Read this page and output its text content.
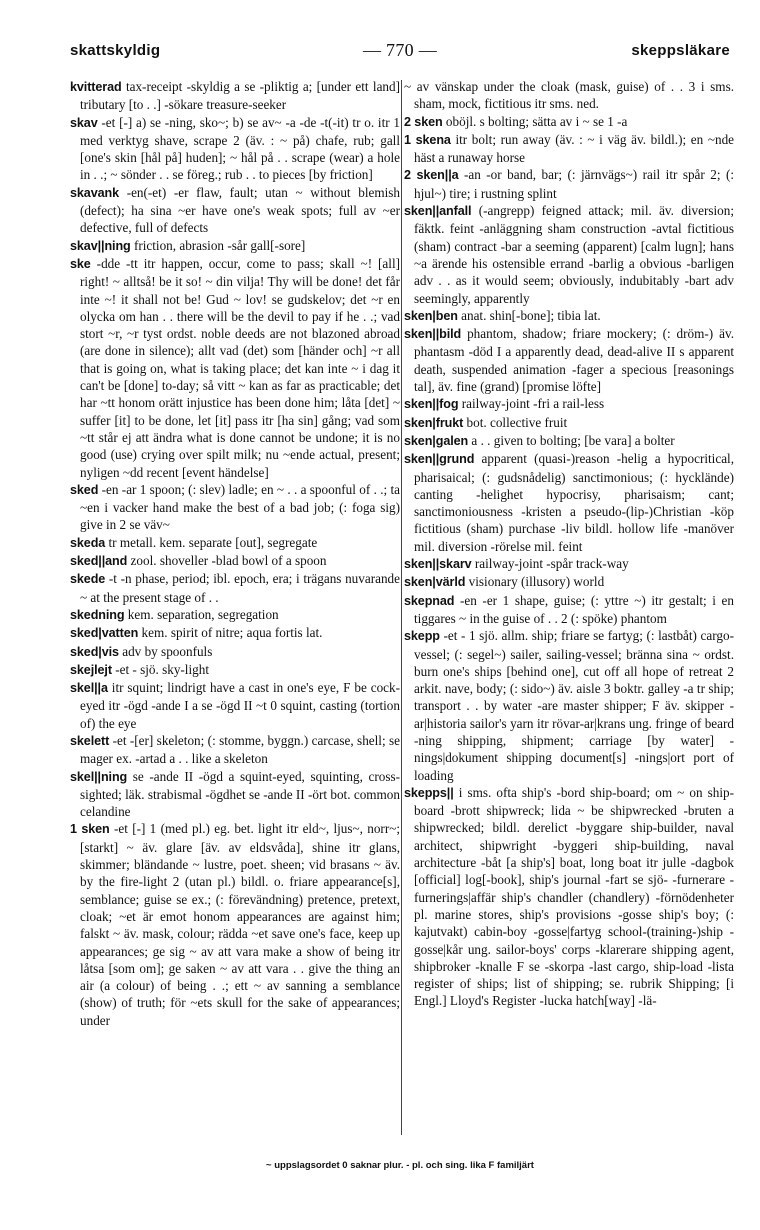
skattskyldig	— 770 —	skeppsläkare

kvitterad tax-receipt -skyldig a se -pliktig a; [under ett land] tributary [to . .] -sökare treasure-seeker

skav -et [-] a) se -ning, sko~; b) se av~ -a -de -t(-it) tr o. itr 1 med verktyg shave, scrape 2 (äv. : ~ på) chafe, rub; gall [one's skin [hål på] huden]; ~ hål på . . scrape (wear) a hole in . .; ~ sönder . . se föreg.; rub . . to pieces [by friction]

skavank -en(-et) -er flaw, fault; utan ~ without blemish (defect); ha sina ~er have one's weak spots; full av ~er defective, full of defects

skav||ning friction, abrasion -sår gall[-sore]

ske -dde -tt itr happen, occur, come to pass; skall ~! [all] right! ~ alltså! be it so! ~ din vilja! Thy will be done! det får inte ~! it shall not be! Gud ~ lov! se gudskelov; det ~r en olycka om han . . there will be the devil to pay if he . .; vad stort ~r, ~r tyst ordst. noble deeds are not blazoned abroad (are done in silence); allt vad (det) som [händer och] ~r all that is going on, what is taking place; det kan inte ~ i dag it can't be [done] to-day; så vitt ~ kan as far as practicable; det har ~tt honom orätt injustice has been done him; låta [det] ~ suffer [it] to be done, let [it] pass itr [ha sin] gång; vad som ~tt står ej att ändra what is done cannot be undone; it is no good (use) crying over spilt milk; nu ~ende actual, present; nyligen ~dd recent [event händelse]

sked -en -ar 1 spoon; (: slev) ladle; en ~ . . a spoonful of . .; ta ~en i vacker hand make the best of a bad job; (: foga sig) give in 2 se väv~

skeda tr metall. kem. separate [out], segregate

sked||and zool. shoveller -blad bowl of a spoon

skede -t -n phase, period; ibl. epoch, era; i trägans nuvarande ~ at the present stage of . .

skedning kem. separation, segregation

sked|vatten kem. spirit of nitre; aqua fortis lat.

sked|vis adv by spoonfuls

skejlejt -et - sjö. sky-light

skel||a itr squint; lindrigt have a cast in one's eye, F be cock-eyed itr -ögd -ande I a se -ögd II ~t 0 squint, casting (tortion of) the eye

skelett -et -[er] skeleton; (: stomme, byggn.) carcase, shell; se mager ex. -artad a . . like a skeleton

skel||ning se -ande II -ögd a squint-eyed, squinting, cross-sighted; läk. strabismal -ögdhet se -ande II -ört bot. common celandine

1 sken -et [-] 1 (med pl.) eg. bet. light itr eld~, ljus~, norr~; [starkt] ~ äv. glare [äv. av eldsvåda], shine itr glans, skimmer; bländande ~ lustre, poet. sheen; vid brasans ~ äv. by the fire-light 2 (utan pl.) bildl. o. friare appearance[s], semblance; guise se ex.; (: förevändning) pretence, pretext, cloak; ~et är emot honom appearances are against him; falskt ~ äv. mask, colour; rädda ~et save one's face, keep up appearances; ge sig ~ av att vara make a show of being itr låtsa [som om]; ge saken ~ av att vara . . give the thing an air (a colour) of being . .; ett ~ av sanning a semblance (show) of truth; för ~ets skull for the sake of appearances; under

~ av vänskap under the cloak (mask, guise) of . . 3 i sms. sham, mock, fictitious itr sms. ned.

2 sken oböjl. s bolting; sätta av i ~ se 1 -a

1 skena itr bolt; run away (äv. : ~ i väg äv. bildl.); en ~nde häst a runaway horse

2 sken||a -an -or band, bar; (: järnvägs~) rail itr spår 2; (: hjul~) tire; i rustning splint

sken||anfall (-angrepp) feigned attack; mil. äv. diversion; fäktk. feint -anläggning sham construction -avtal fictitious (sham) contract -bar a seeming (apparent) [calm lugn]; hans ~a ärende his ostensible errand -barlig a obvious -barligen adv . . as it would seem; obviously, indubitably -bart adv seemingly, apparently

sken|ben anat. shin[-bone]; tibia lat.

sken||bild phantom, shadow; friare mockery; (: dröm-) äv. phantasm -död I a apparently dead, dead-alive II s apparent death, suspended animation -fager a specious [reasonings tal], äv. fine (grand) [promise löfte]

sken||fog railway-joint -fri a rail-less

sken|frukt bot. collective fruit

sken|galen a . . given to bolting; [be vara] a bolter

sken||grund apparent (quasi-)reason -helig a hypocritical, pharisaical; (: gudsnådelig) sanctimonious; (: hyckländе) canting -helighet hypocrisy, pharisaism; cant; sanctimoniousness -kristen a pseudo-(lip-)Christian -köp fictitious (sham) purchase -liv bildl. hollow life -manöver mil. diversion -rörelse mil. feint

sken||skarv railway-joint -spår track-way

sken|värld visionary (illusory) world

skepnad -en -er 1 shape, guise; (: yttre ~) itr gestalt; i en tiggares ~ in the guise of . . 2 (: spöke) phantom

skepp -et - 1 sjö. allm. ship; friare se fartyg; (: lastbåt) cargo-vessel; (: segel~) sailer, sailing-vessel; bränna sina ~ ordst. burn one's ships [behind one], cut off all hope of retreat 2 arkit. nave, body; (: sido~) äv. aisle 3 boktr. galley -a tr ship; transport . . by water -are master shipper; F äv. skipper -ar|historia sailor's yarn itr rövar-ar|krans ung. fringe of beard -ning shipping, shipment; carriage [by water] -nings|dokument shipping document[s] -nings|ort port of loading

skepps|| i sms. ofta ship's -bord ship-board; om ~ on ship-board -brott shipwreck; lida ~ be shipwrecked -bruten a shipwrecked; bildl. derelict -byggare ship-builder, naval architect, shipwright -byggeri ship-building, naval architecture -båt [a ship's] boat, long boat itr julle -dagbok [official] log[-book], ship's journal -fart se sjö- -furnerare -furnerings|affär ship's chandler (chandlery) -förnödenheter pl. marine stores, ship's provisions -gosse ship's boy; (: kajutvakt) cabin-boy -gosse|fartyg school-(training-)ship -gosse|kår ung. sailor-boys' corps -klarerare shipping agent, shipbroker -knalle F se -skorpa -last cargo, ship-load -lista register of ships; list of shipping; se. rubrik Shipping; [i Engl.] Lloyd's Register -lucka hatch[way] -lä-

~ uppslagsordet 0 saknar plur. - pl. och sing. lika F familjärt
